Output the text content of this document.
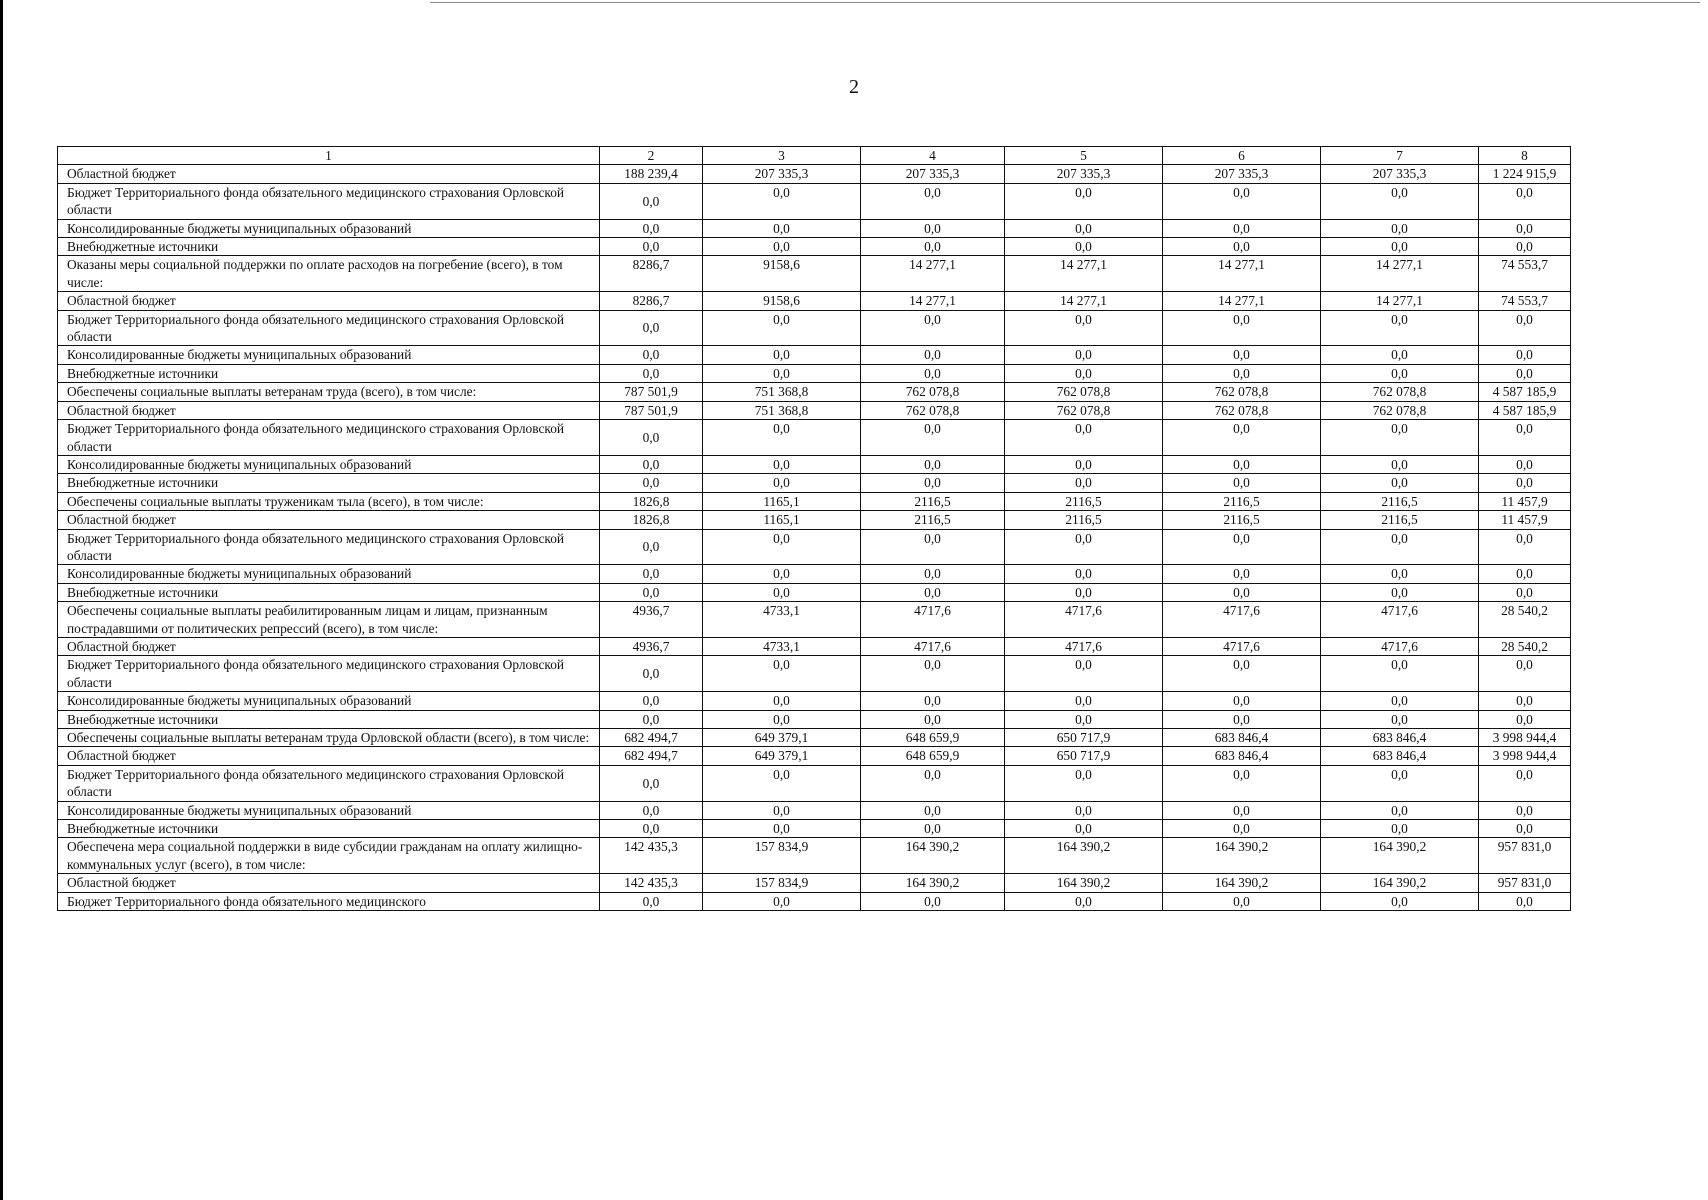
2
1	2	3	4	5	6	7	8
Областной бюджет	188 239,4	207 335,3	207 335,3	207 335,3	207 335,3	207 335,3	1 224 915,9
Бюджет Территориального фонда обязательного медицинского страхования Орловской области	0,0	0,0	0,0	0,0	0,0	0,0	0,0
Консолидированные бюджеты муниципальных образований	0,0	0,0	0,0	0,0	0,0	0,0	0,0
Внебюджетные источники	0,0	0,0	0,0	0,0	0,0	0,0	0,0
Оказаны меры социальной поддержки по оплате расходов на погребение (всего), в том числе:	8286,7	9158,6	14 277,1	14 277,1	14 277,1	14 277,1	74 553,7
Областной бюджет	8286,7	9158,6	14 277,1	14 277,1	14 277,1	14 277,1	74 553,7
Бюджет Территориального фонда обязательного медицинского страхования Орловской области	0,0	0,0	0,0	0,0	0,0	0,0	0,0
Консолидированные бюджеты муниципальных образований	0,0	0,0	0,0	0,0	0,0	0,0	0,0
Внебюджетные источники	0,0	0,0	0,0	0,0	0,0	0,0	0,0
Обеспечены социальные выплаты ветеранам труда (всего), в том числе:	787 501,9	751 368,8	762 078,8	762 078,8	762 078,8	762 078,8	4 587 185,9
Областной бюджет	787 501,9	751 368,8	762 078,8	762 078,8	762 078,8	762 078,8	4 587 185,9
Бюджет Территориального фонда обязательного медицинского страхования Орловской области	0,0	0,0	0,0	0,0	0,0	0,0	0,0
Консолидированные бюджеты муниципальных образований	0,0	0,0	0,0	0,0	0,0	0,0	0,0
Внебюджетные источники	0,0	0,0	0,0	0,0	0,0	0,0	0,0
Обеспечены социальные выплаты труженикам тыла (всего), в том числе:	1826,8	1165,1	2116,5	2116,5	2116,5	2116,5	11 457,9
Областной бюджет	1826,8	1165,1	2116,5	2116,5	2116,5	2116,5	11 457,9
Бюджет Территориального фонда обязательного медицинского страхования Орловской области	0,0	0,0	0,0	0,0	0,0	0,0	0,0
Консолидированные бюджеты муниципальных образований	0,0	0,0	0,0	0,0	0,0	0,0	0,0
Внебюджетные источники	0,0	0,0	0,0	0,0	0,0	0,0	0,0
Обеспечены социальные выплаты реабилитированным лицам и лицам, признанным пострадавшими от политических репрессий (всего), в том числе:	4936,7	4733,1	4717,6	4717,6	4717,6	4717,6	28 540,2
Областной бюджет	4936,7	4733,1	4717,6	4717,6	4717,6	4717,6	28 540,2
Бюджет Территориального фонда обязательного медицинского страхования Орловской области	0,0	0,0	0,0	0,0	0,0	0,0	0,0
Консолидированные бюджеты муниципальных образований	0,0	0,0	0,0	0,0	0,0	0,0	0,0
Внебюджетные источники	0,0	0,0	0,0	0,0	0,0	0,0	0,0
Обеспечены социальные выплаты ветеранам труда Орловской области (всего), в том числе:	682 494,7	649 379,1	648 659,9	650 717,9	683 846,4	683 846,4	3 998 944,4
Областной бюджет	682 494,7	649 379,1	648 659,9	650 717,9	683 846,4	683 846,4	3 998 944,4
Бюджет Территориального фонда обязательного медицинского страхования Орловской области	0,0	0,0	0,0	0,0	0,0	0,0	0,0
Консолидированные бюджеты муниципальных образований	0,0	0,0	0,0	0,0	0,0	0,0	0,0
Внебюджетные источники	0,0	0,0	0,0	0,0	0,0	0,0	0,0
Обеспечена мера социальной поддержки в виде субсидии гражданам на оплату жилищно-коммунальных услуг (всего), в том числе:	142 435,3	157 834,9	164 390,2	164 390,2	164 390,2	164 390,2	957 831,0
Областной бюджет	142 435,3	157 834,9	164 390,2	164 390,2	164 390,2	164 390,2	957 831,0
Бюджет Территориального фонда обязательного медицинского	0,0	0,0	0,0	0,0	0,0	0,0	0,0
